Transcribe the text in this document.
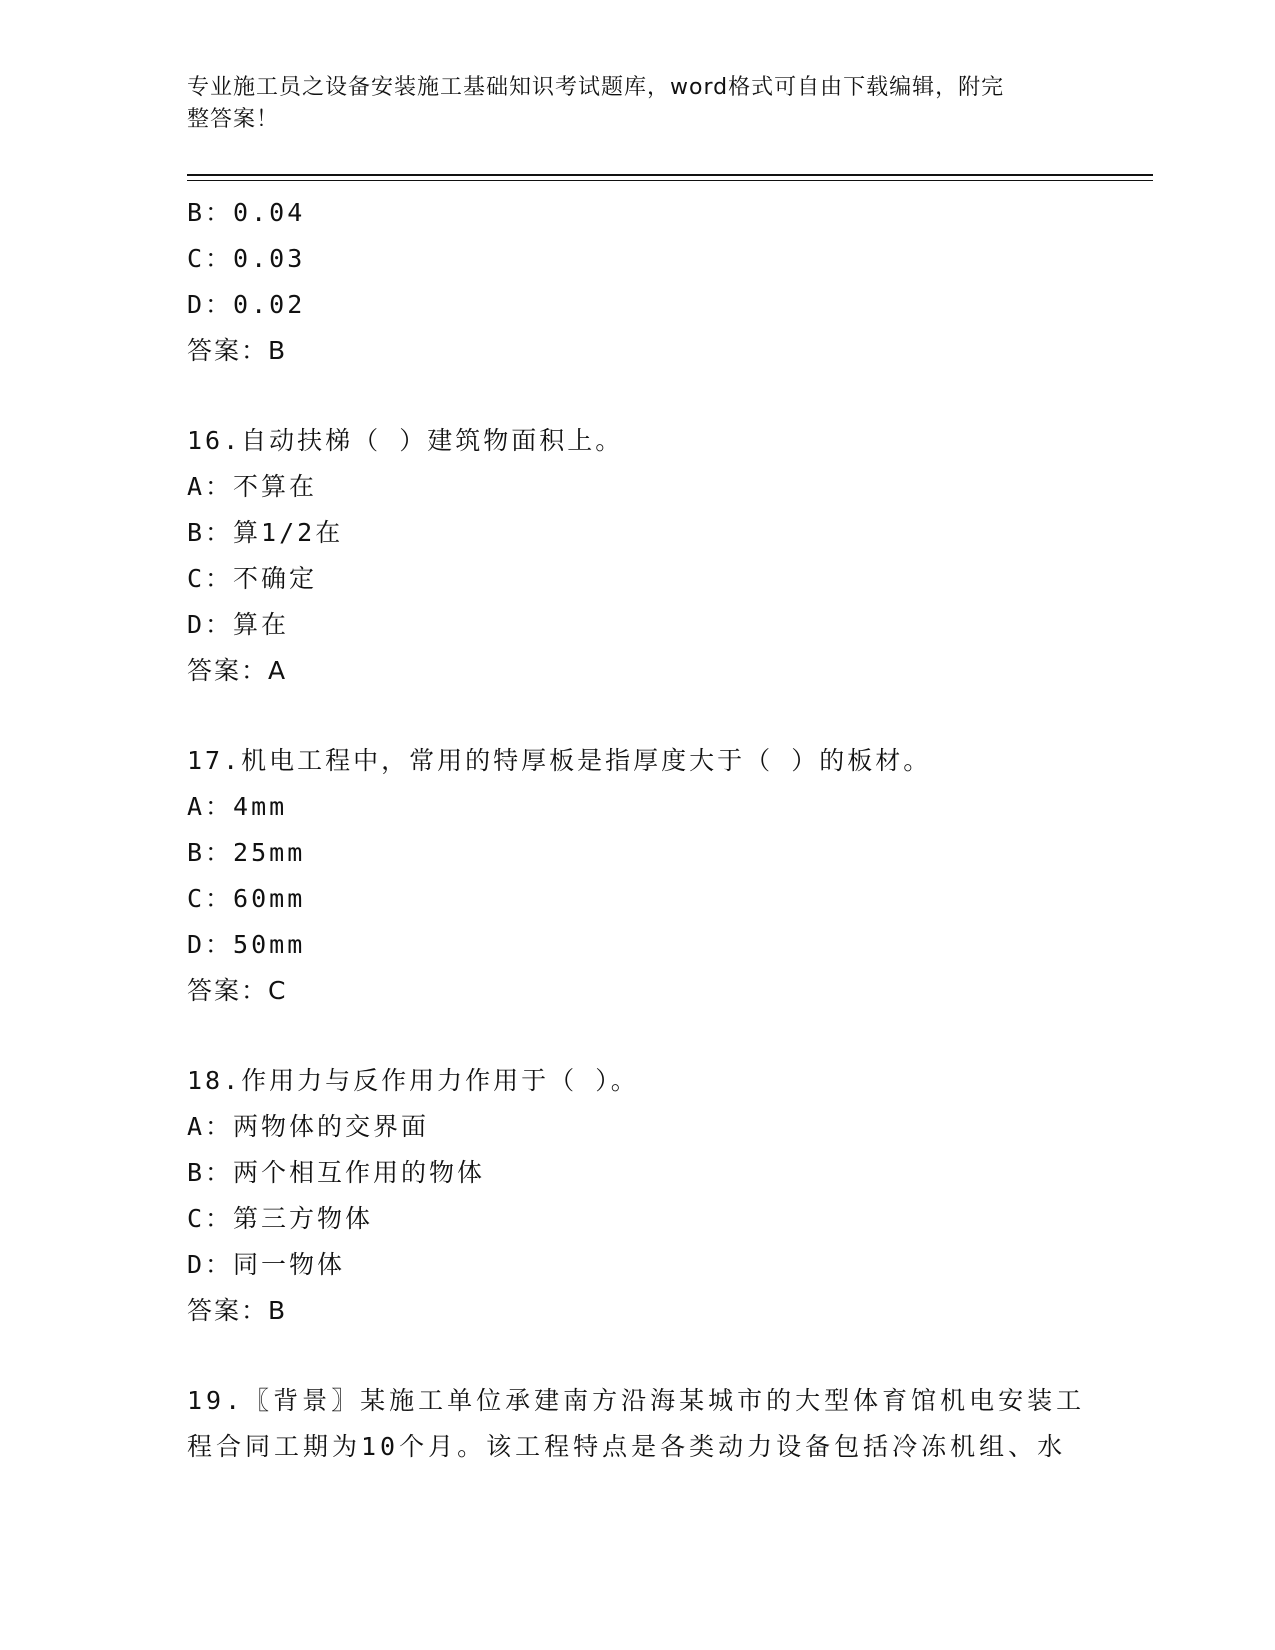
专业施工员之设备安装施工基础知识考试题库，word格式可自由下载编辑，附完
整答案！
B：0.04
C：0.03
D：0.02
答案：B
16.自动扶梯（ ）建筑物面积上。
A：不算在
B：算1/2在
C：不确定
D：算在
答案：A
17.机电工程中，常用的特厚板是指厚度大于（ ）的板材。
A：4mm
B：25mm
C：60mm
D：50mm
答案：C
18.作用力与反作用力作用于（ ）。
A：两物体的交界面
B：两个相互作用的物体
C：第三方物体
D：同一物体
答案：B
19.〖背景〗某施工单位承建南方沿海某城市的大型体育馆机电安装工
程合同工期为10个月。该工程特点是各类动力设备包括冷冻机组、水
